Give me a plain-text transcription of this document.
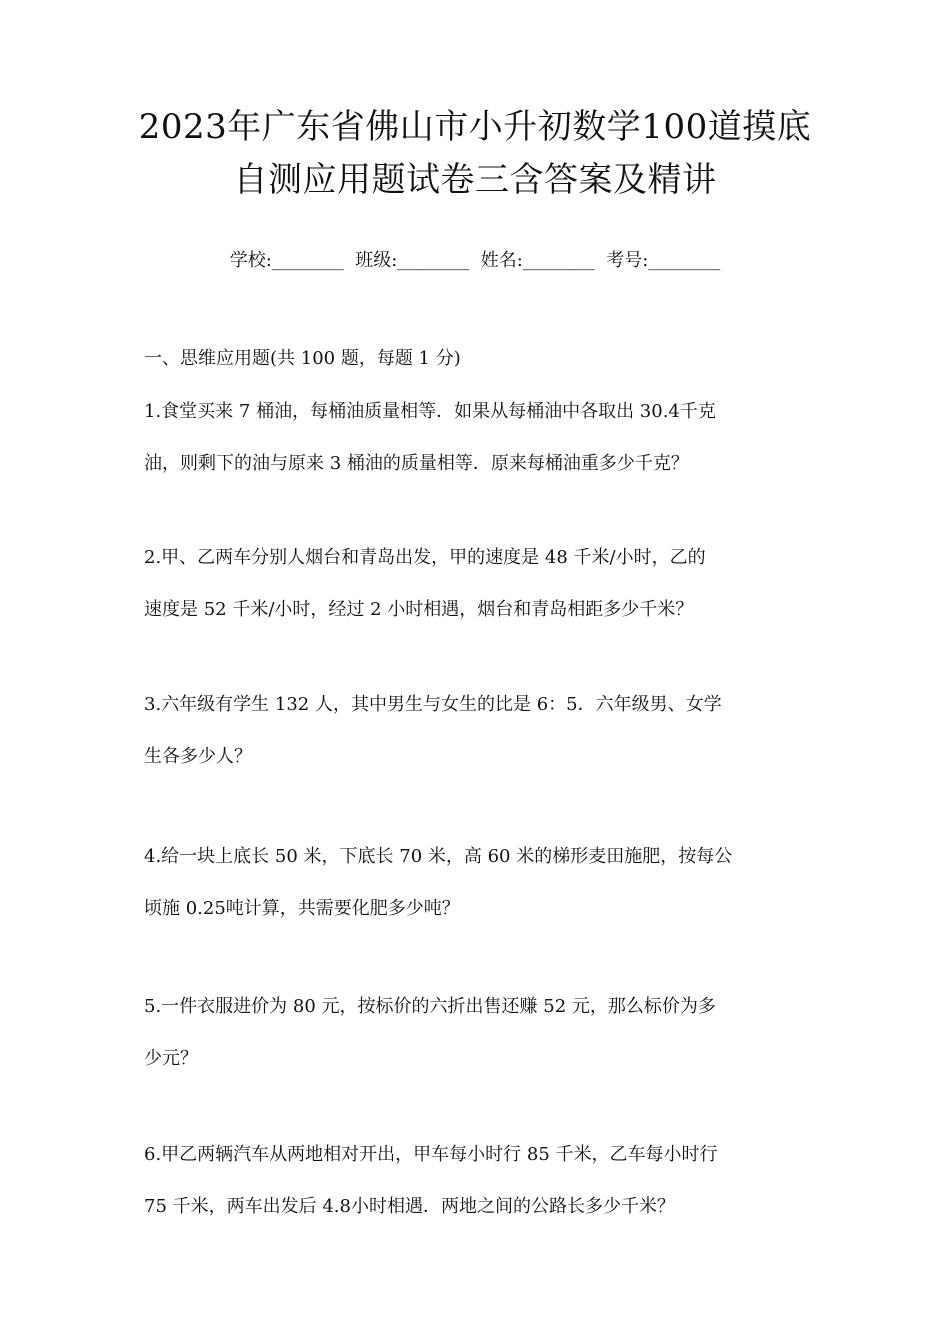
2023年广东省佛山市小升初数学100道摸底
自测应用题试卷三含答案及精讲
学校:________  班级:________  姓名:________  考号:________
一、思维应用题(共 100 题，每题 1 分)
1.食堂买来 7 桶油，每桶油质量相等．如果从每桶油中各取出 30.4千克
油，则剩下的油与原来 3 桶油的质量相等．原来每桶油重多少千克？
2.甲、乙两车分别人烟台和青岛出发，甲的速度是 48 千米/小时，乙的
速度是 52 千米/小时，经过 2 小时相遇，烟台和青岛相距多少千米？
3.六年级有学生 132 人，其中男生与女生的比是 6：5．六年级男、女学
生各多少人？
4.给一块上底长 50 米，下底长 70 米，高 60 米的梯形麦田施肥，按每公
顷施 0.25吨计算，共需要化肥多少吨？
5.一件衣服进价为 80 元，按标价的六折出售还赚 52 元，那么标价为多
少元？
6.甲乙两辆汽车从两地相对开出，甲车每小时行 85 千米，乙车每小时行
75 千米，两车出发后 4.8小时相遇．两地之间的公路长多少千米？
